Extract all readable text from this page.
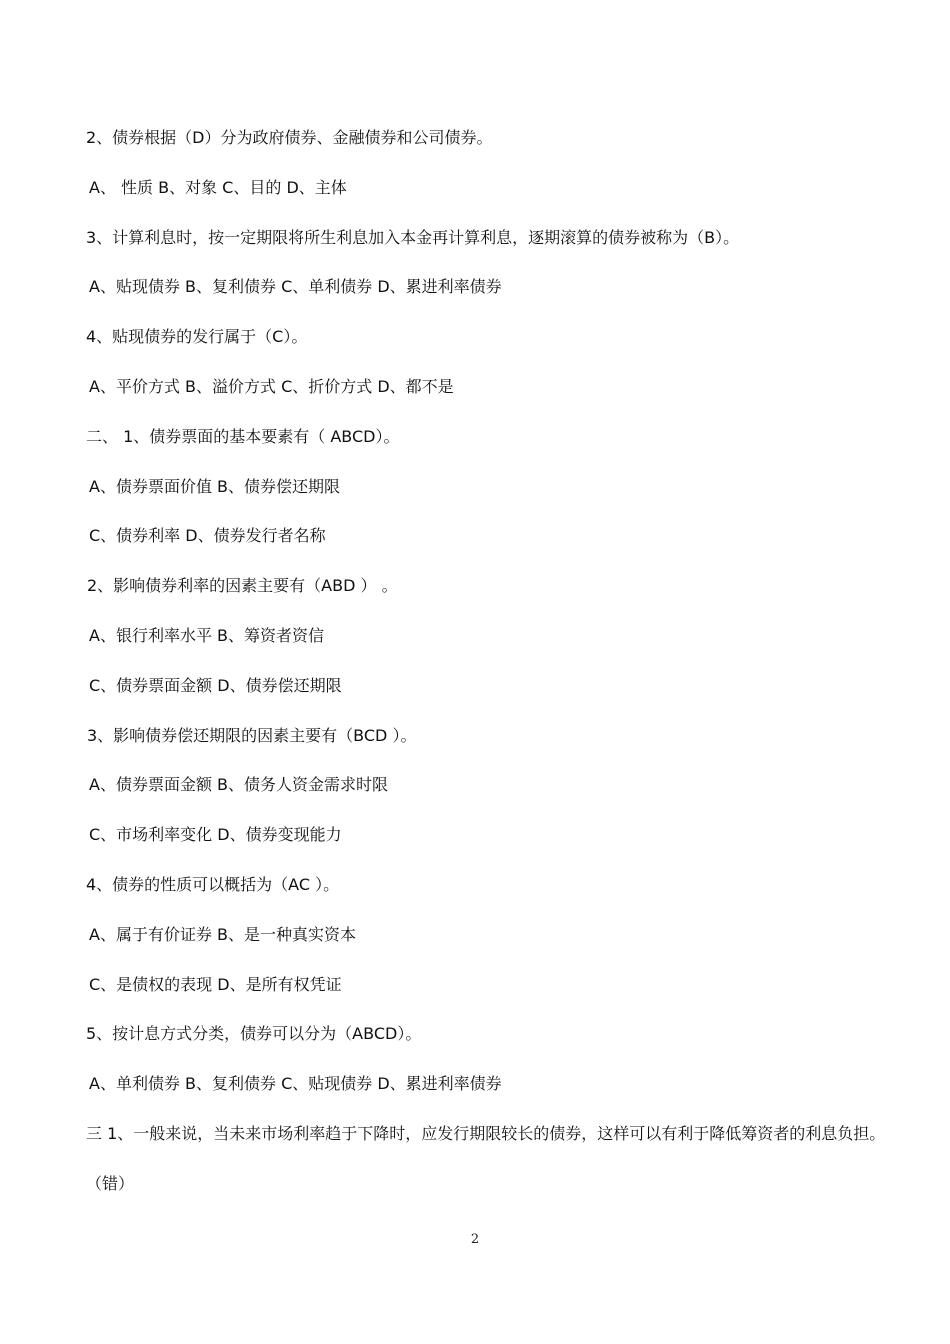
2、债券根据（D）分为政府债券、金融债券和公司债券。
A、 性质 B、对象 C、目的 D、主体
3、计算利息时，按一定期限将所生利息加入本金再计算利息，逐期滚算的债券被称为（B）。
A、贴现债券 B、复利债券 C、单利债券 D、累进利率债券
4、贴现债券的发行属于（C）。
A、平价方式 B、溢价方式 C、折价方式 D、都不是
二、 1、债券票面的基本要素有（ ABCD）。
A、债券票面价值 B、债券偿还期限
C、债券利率 D、债券发行者名称
2、影响债券利率的因素主要有（ABD ） 。
A、银行利率水平 B、筹资者资信
C、债券票面金额 D、债券偿还期限
3、影响债券偿还期限的因素主要有（BCD ）。
A、债券票面金额 B、债务人资金需求时限
C、市场利率变化 D、债券变现能力
4、债券的性质可以概括为（AC ）。
A、属于有价证券 B、是一种真实资本
C、是债权的表现 D、是所有权凭证
5、按计息方式分类，债券可以分为（ABCD）。
A、单利债券 B、复利债券 C、贴现债券 D、累进利率债券
三 1、一般来说，当未来市场利率趋于下降时，应发行期限较长的债券，这样可以有利于降低筹资者的利息负担。
（错）
2
